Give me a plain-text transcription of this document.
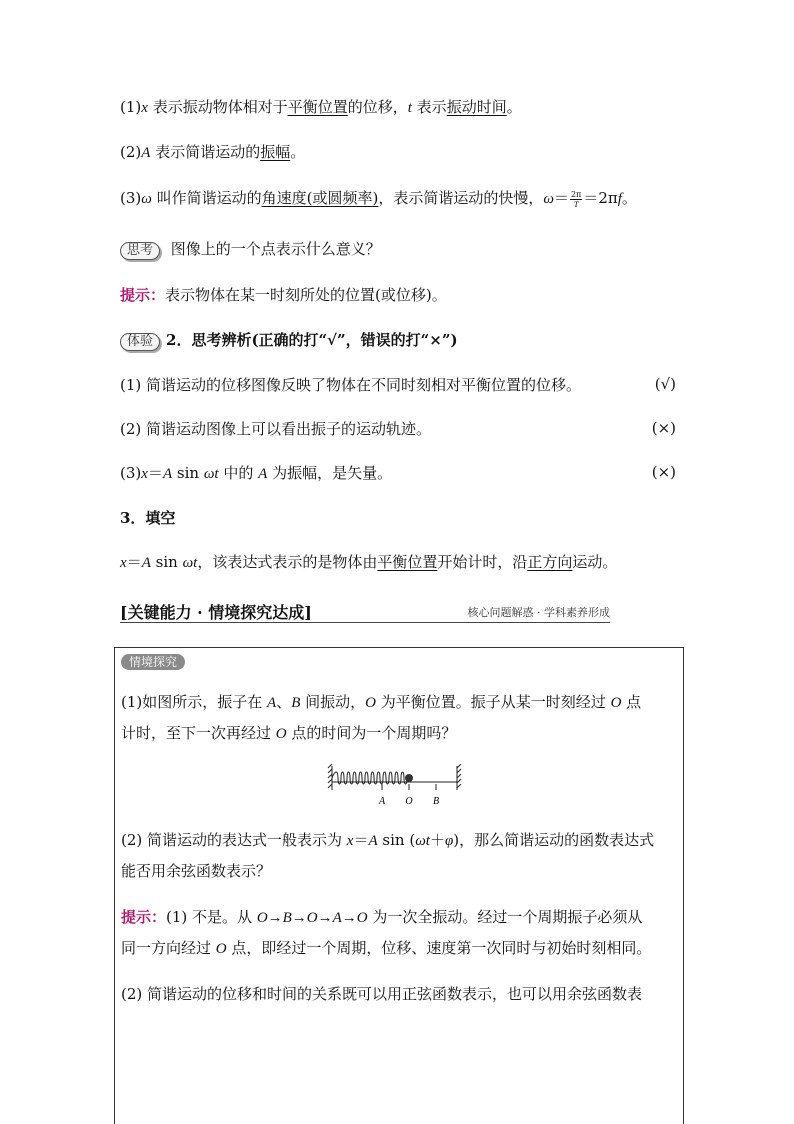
(1)x 表示振动物体相对于平衡位置的位移，t 表示振动时间。
(2)A 表示简谐运动的振幅。
(3)ω 叫作简谐运动的角速度(或圆频率)，表示简谐运动的快慢，$\omega= \frac{2\pi}{T} =2\pi f$。
思考 图像上的一个点表示什么意义？
提示：表示物体在某一时刻所处的位置(或位移)。
体验 2．思考辨析(正确的打“√”，错误的打“×”)
(1) 简谐运动的位移图像反映了物体在不同时刻相对平衡位置的位移。	(√)
(2) 简谐运动图像上可以看出振子的运动轨迹。	(×)
(3)x＝A sin ωt 中的 A 为振幅，是矢量。	(×)
3．填空
x＝A sin ωt，该表达式表示的是物体由平衡位置开始计时，沿正方向运动。
[关键能力 · 情境探究达成]	核心问题解惑 · 学科素养形成
情境探究
(1)如图所示，振子在 A、B 间振动，O 为平衡位置。振子从某一时刻经过 O 点
计时，至下一次再经过 O 点的时间为一个周期吗？
A O B
(2) 简谐运动的表达式一般表示为 x＝A sin (ωt＋φ)，那么简谐运动的函数表达式
能否用余弦函数表示？
提示：(1) 不是。从 O→B→O→A→O 为一次全振动。经过一个周期振子必须从
同一方向经过 O 点，即经过一个周期，位移、速度第一次同时与初始时刻相同。
(2) 简谐运动的位移和时间的关系既可以用正弦函数表示，也可以用余弦函数表
